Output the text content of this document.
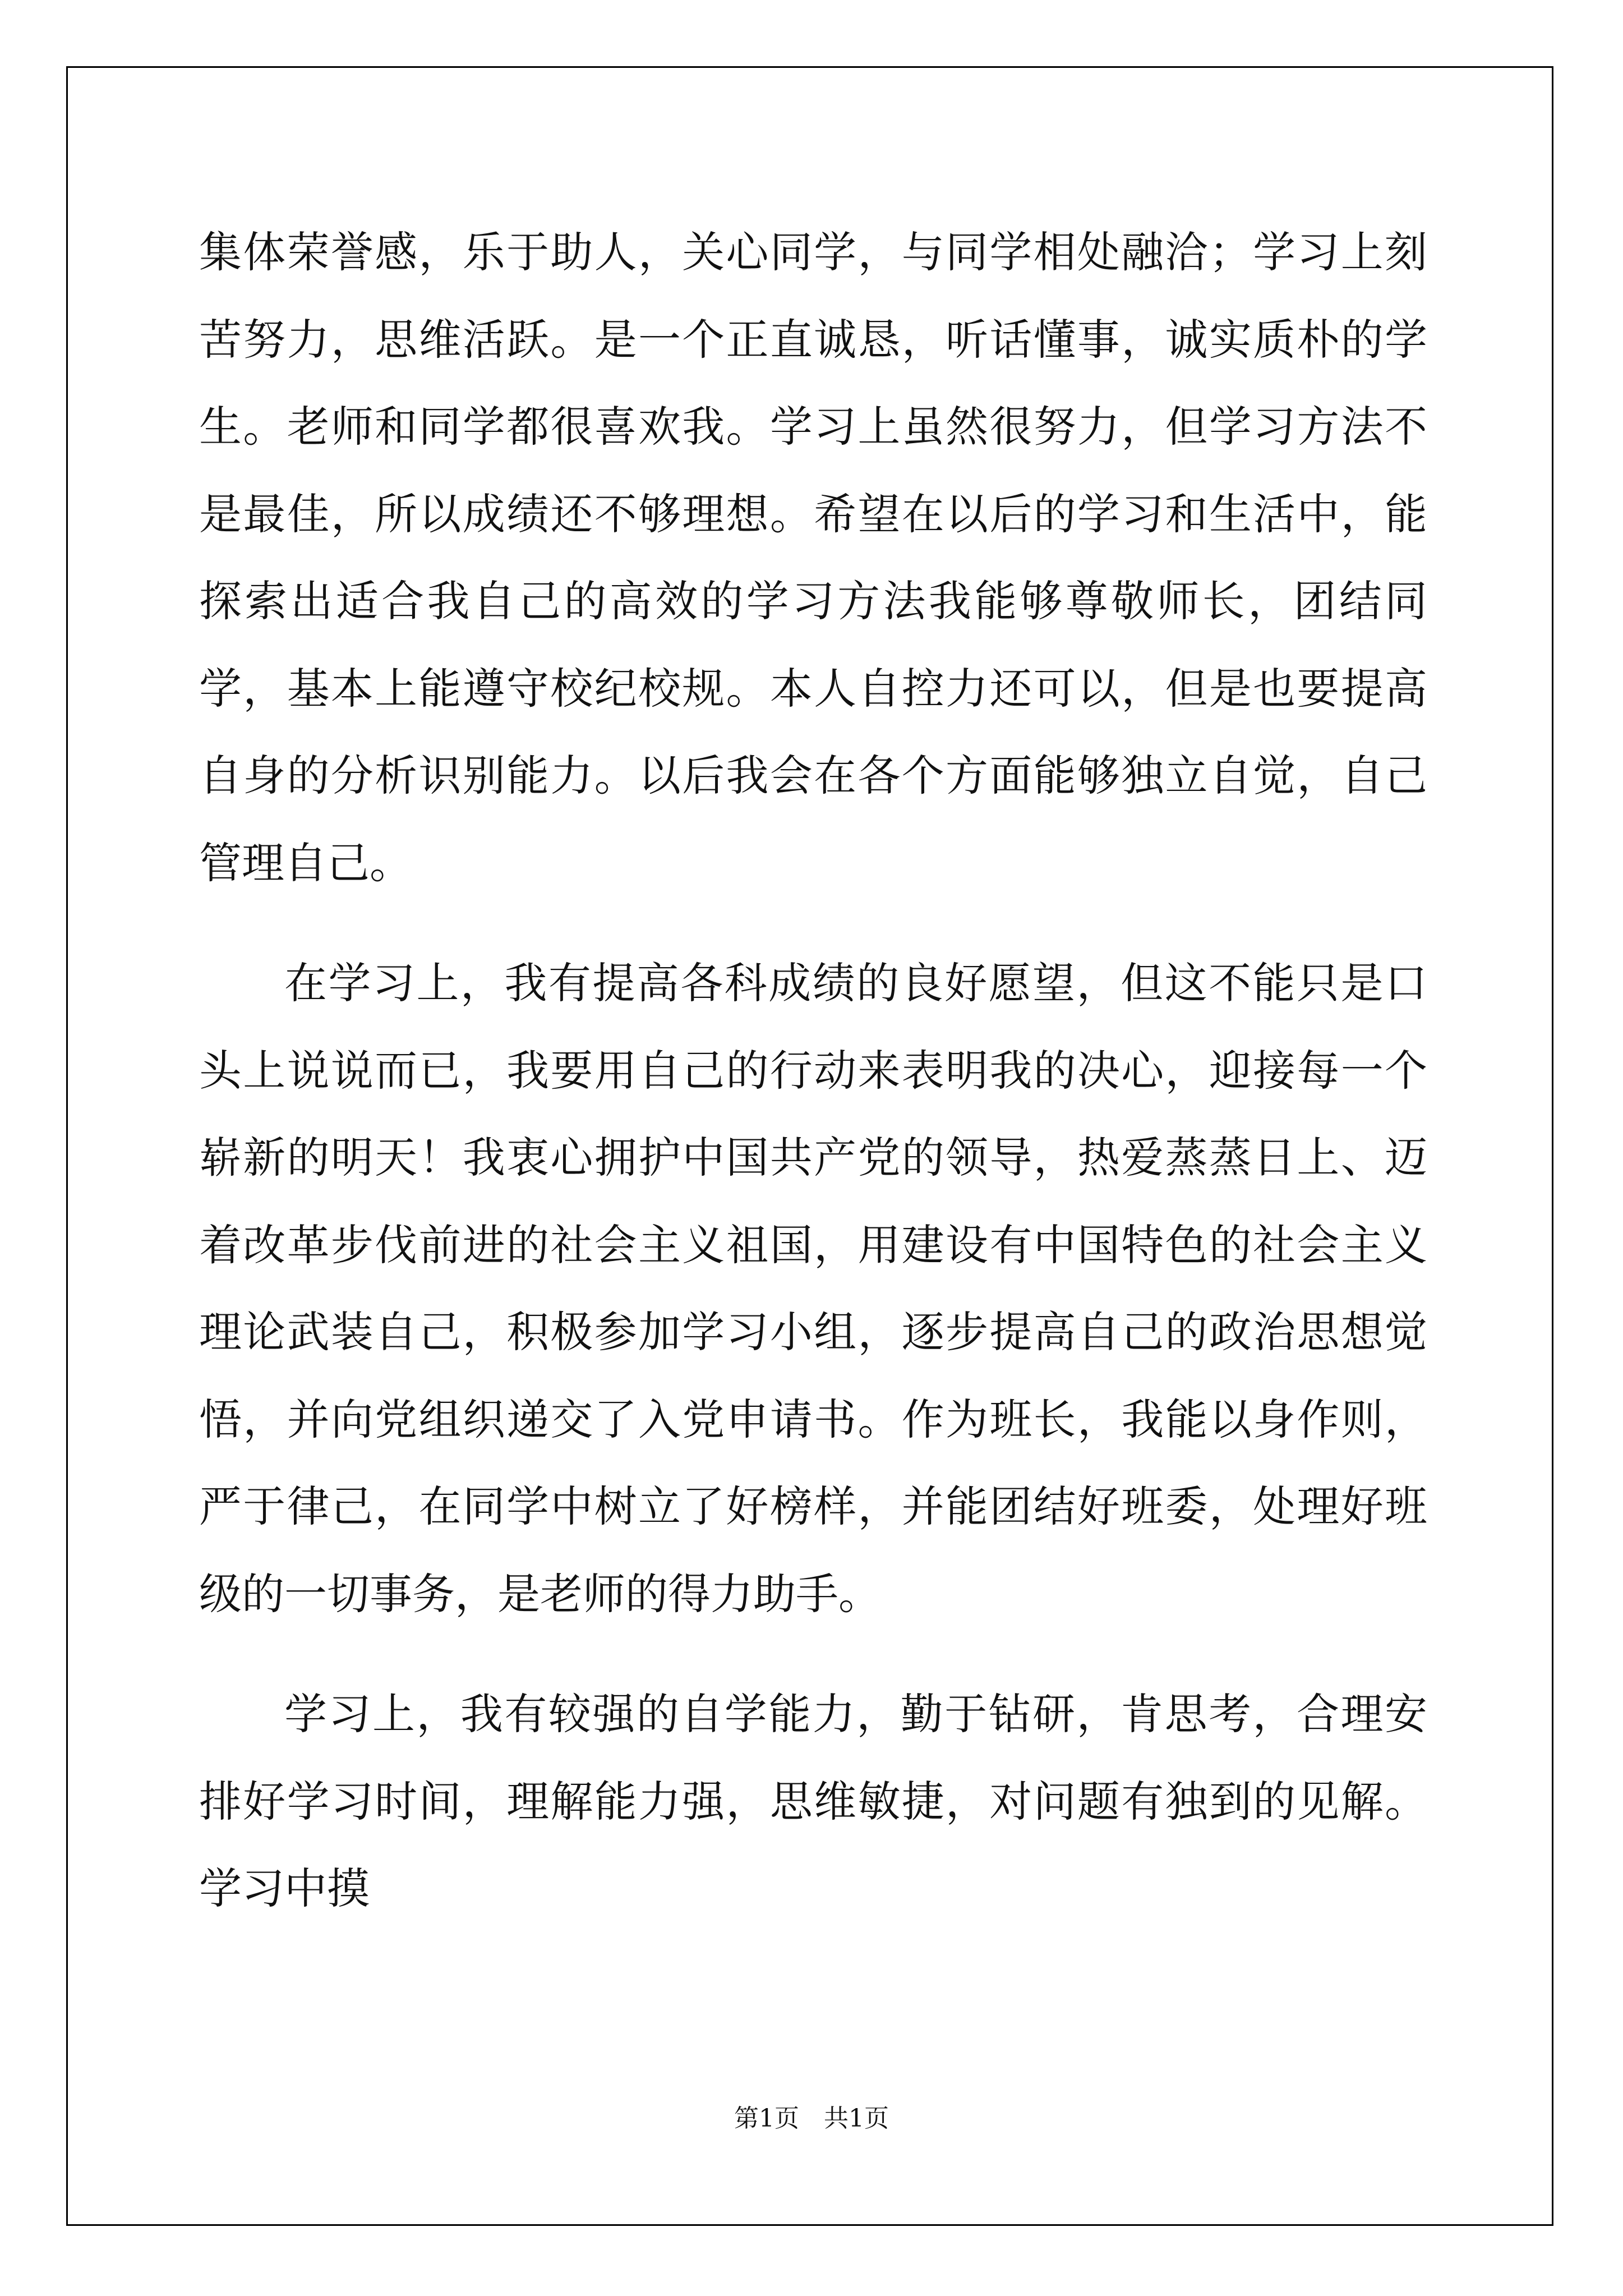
集体荣誉感，乐于助人，关心同学，与同学相处融洽；学习上刻苦努力，思维活跃。是一个正直诚恳，听话懂事，诚实质朴的学生。老师和同学都很喜欢我。学习上虽然很努力，但学习方法不是最佳，所以成绩还不够理想。希望在以后的学习和生活中，能探索出适合我自己的高效的学习方法我能够尊敬师长，团结同学，基本上能遵守校纪校规。本人自控力还可以，但是也要提高自身的分析识别能力。以后我会在各个方面能够独立自觉，自己管理自己。

在学习上，我有提高各科成绩的良好愿望，但这不能只是口头上说说而已，我要用自己的行动来表明我的决心，迎接每一个崭新的明天！我衷心拥护中国共产党的领导，热爱蒸蒸日上、迈着改革步伐前进的社会主义祖国，用建设有中国特色的社会主义理论武装自己，积极参加学习小组，逐步提高自己的政治思想觉悟，并向党组织递交了入党申请书。作为班长，我能以身作则，严于律己，在同学中树立了好榜样，并能团结好班委，处理好班级的一切事务，是老师的得力助手。

学习上，我有较强的自学能力，勤于钻研，肯思考，合理安排好学习时间，理解能力强，思维敏捷，对问题有独到的见解。学习中摸

第1页　共1页
